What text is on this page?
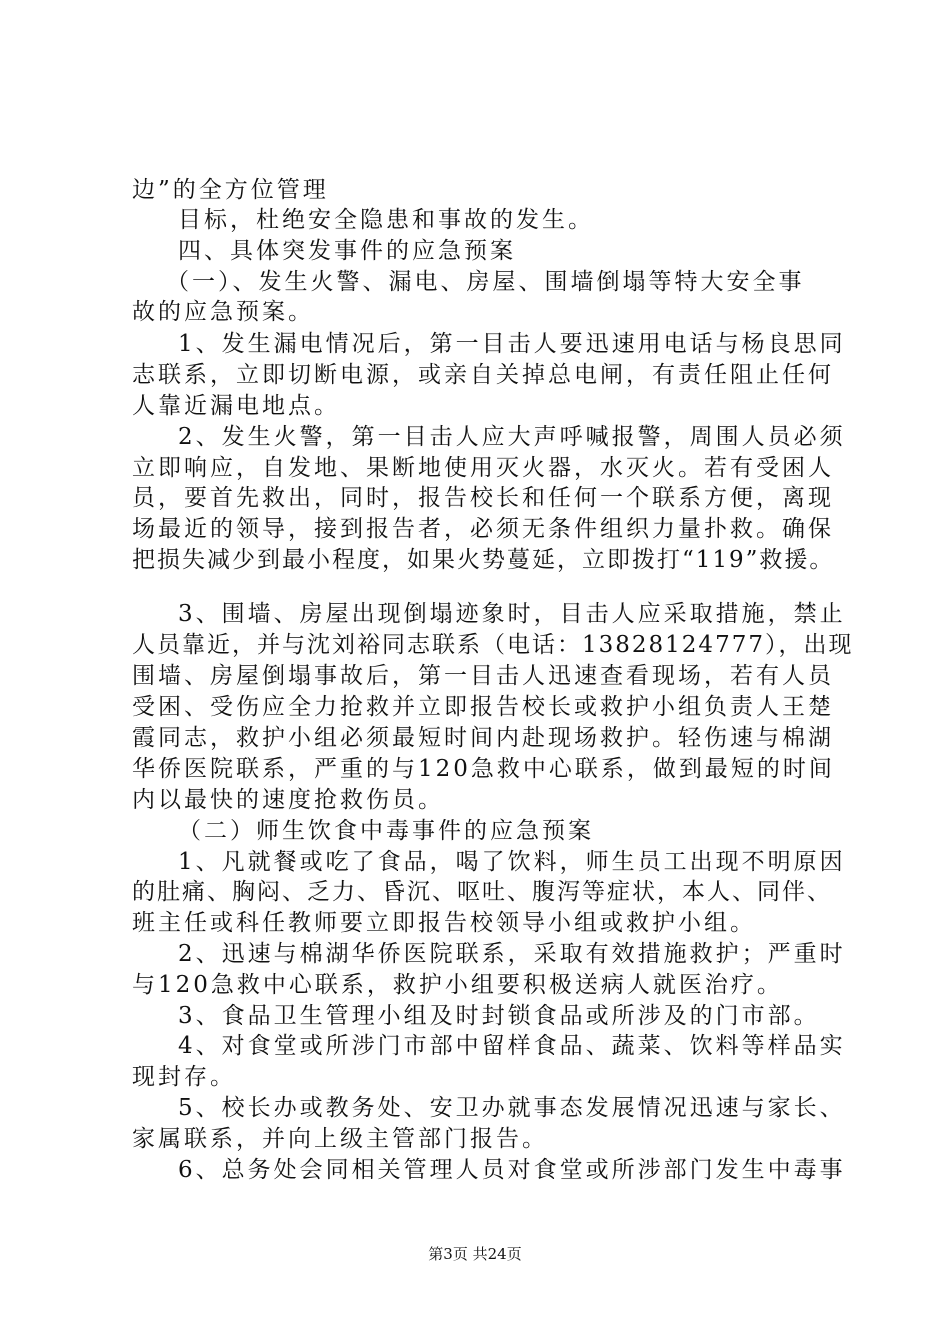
边”的全方位管理
目标，杜绝安全隐患和事故的发生。
四、具体突发事件的应急预案
（一）、发生火警、漏电、房屋、围墙倒塌等特大安全事
故的应急预案。
1、发生漏电情况后，第一目击人要迅速用电话与杨良思同
志联系，立即切断电源，或亲自关掉总电闸，有责任阻止任何
人靠近漏电地点。
2、发生火警，第一目击人应大声呼喊报警，周围人员必须
立即响应，自发地、果断地使用灭火器，水灭火。若有受困人
员，要首先救出，同时，报告校长和任何一个联系方便，离现
场最近的领导，接到报告者，必须无条件组织力量扑救。确保
把损失减少到最小程度，如果火势蔓延，立即拨打“119”救援。
3、围墙、房屋出现倒塌迹象时，目击人应采取措施，禁止
人员靠近，并与沈刘裕同志联系（电话：13828124777），出现
围墙、房屋倒塌事故后，第一目击人迅速查看现场，若有人员
受困、受伤应全力抢救并立即报告校长或救护小组负责人王楚
霞同志，救护小组必须最短时间内赴现场救护。轻伤速与棉湖
华侨医院联系，严重的与120急救中心联系，做到最短的时间
内以最快的速度抢救伤员。
（二）师生饮食中毒事件的应急预案
1、凡就餐或吃了食品，喝了饮料，师生员工出现不明原因
的肚痛、胸闷、乏力、昏沉、呕吐、腹泻等症状，本人、同伴、
班主任或科任教师要立即报告校领导小组或救护小组。
2、迅速与棉湖华侨医院联系，采取有效措施救护；严重时
与120急救中心联系，救护小组要积极送病人就医治疗。
3、食品卫生管理小组及时封锁食品或所涉及的门市部。
4、对食堂或所涉门市部中留样食品、蔬菜、饮料等样品实
现封存。
5、校长办或教务处、安卫办就事态发展情况迅速与家长、
家属联系，并向上级主管部门报告。
6、总务处会同相关管理人员对食堂或所涉部门发生中毒事
第3页 共24页
